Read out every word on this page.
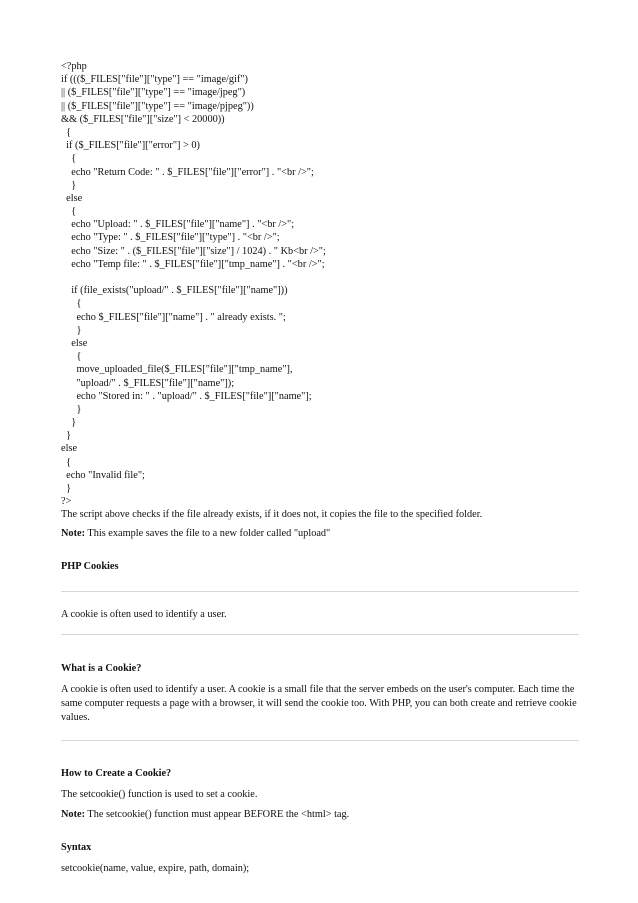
<?php
if ((($_FILES["file"]["type"] == "image/gif")
|| ($_FILES["file"]["type"] == "image/jpeg")
|| ($_FILES["file"]["type"] == "image/pjpeg"))
&& ($_FILES["file"]["size"] < 20000))
{
if ($_FILES["file"]["error"] > 0)
{
echo "Return Code: " . $_FILES["file"]["error"] . "<br />";
}
else
{
echo "Upload: " . $_FILES["file"]["name"] . "<br />";
echo "Type: " . $_FILES["file"]["type"] . "<br />";
echo "Size: " . ($_FILES["file"]["size"] / 1024) . " Kb<br />";
echo "Temp file: " . $_FILES["file"]["tmp_name"] . "<br />";
if (file_exists("upload/" . $_FILES["file"]["name"]))
{
echo $_FILES["file"]["name"] . " already exists. ";
}
else
{
move_uploaded_file($_FILES["file"]["tmp_name"],
"upload/" . $_FILES["file"]["name"]);
echo "Stored in: " . "upload/" . $_FILES["file"]["name"];
}
}
}
else
{
echo "Invalid file";
}
?>

The script above checks if the file already exists, if it does not, it copies the file to the specified folder.

Note: This example saves the file to a new folder called "upload"

PHP Cookies

A cookie is often used to identify a user.

What is a Cookie?

A cookie is often used to identify a user. A cookie is a small file that the server embeds on the user's computer. Each time the same computer requests a page with a browser, it will send the cookie too. With PHP, you can both create and retrieve cookie values.

How to Create a Cookie?

The setcookie() function is used to set a cookie.

Note: The setcookie() function must appear BEFORE the <html> tag.

Syntax

setcookie(name, value, expire, path, domain);
